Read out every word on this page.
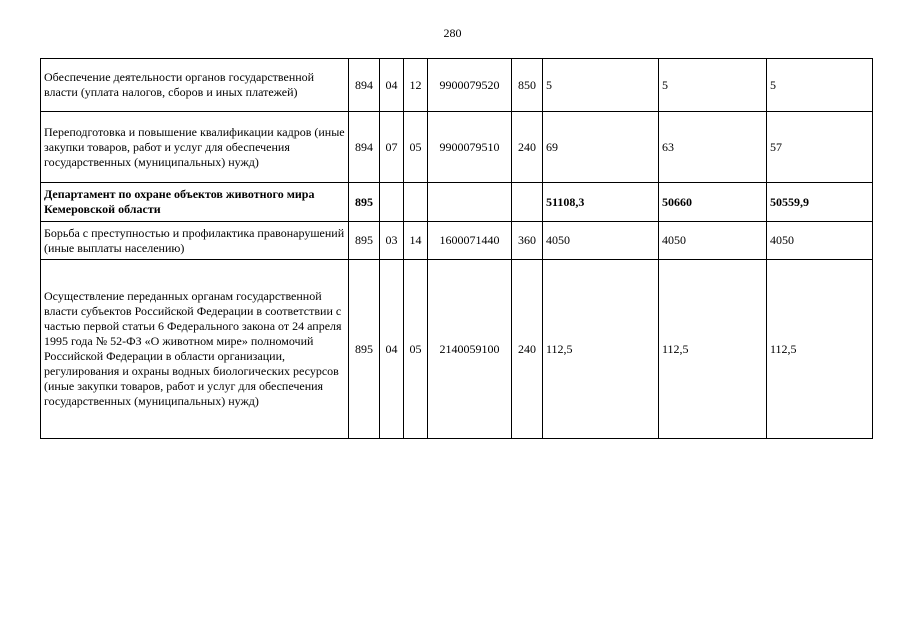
280
Обеспечение деятельности органов государственной власти (уплата налогов, сборов и иных платежей)	894	04	12	9900079520	850	5	5	5
Переподготовка и повышение квалификации кадров (иные закупки товаров, работ и услуг для обеспечения государственных (муниципальных) нужд)	894	07	05	9900079510	240	69	63	57
Департамент по охране объектов животного мира Кемеровской области	895					51108,3	50660	50559,9
Борьба с преступностью и профилактика правонарушений (иные выплаты населению)	895	03	14	1600071440	360	4050	4050	4050
Осуществление переданных органам государственной власти субъектов Российской Федерации в соответствии с частью первой статьи 6 Федерального закона от 24 апреля 1995 года № 52-ФЗ «О животном мире» полномочий Российской Федерации в области организации, регулирования и охраны водных биологических ресурсов (иные закупки товаров, работ и услуг для обеспечения государственных (муниципальных) нужд)	895	04	05	2140059100	240	112,5	112,5	112,5
